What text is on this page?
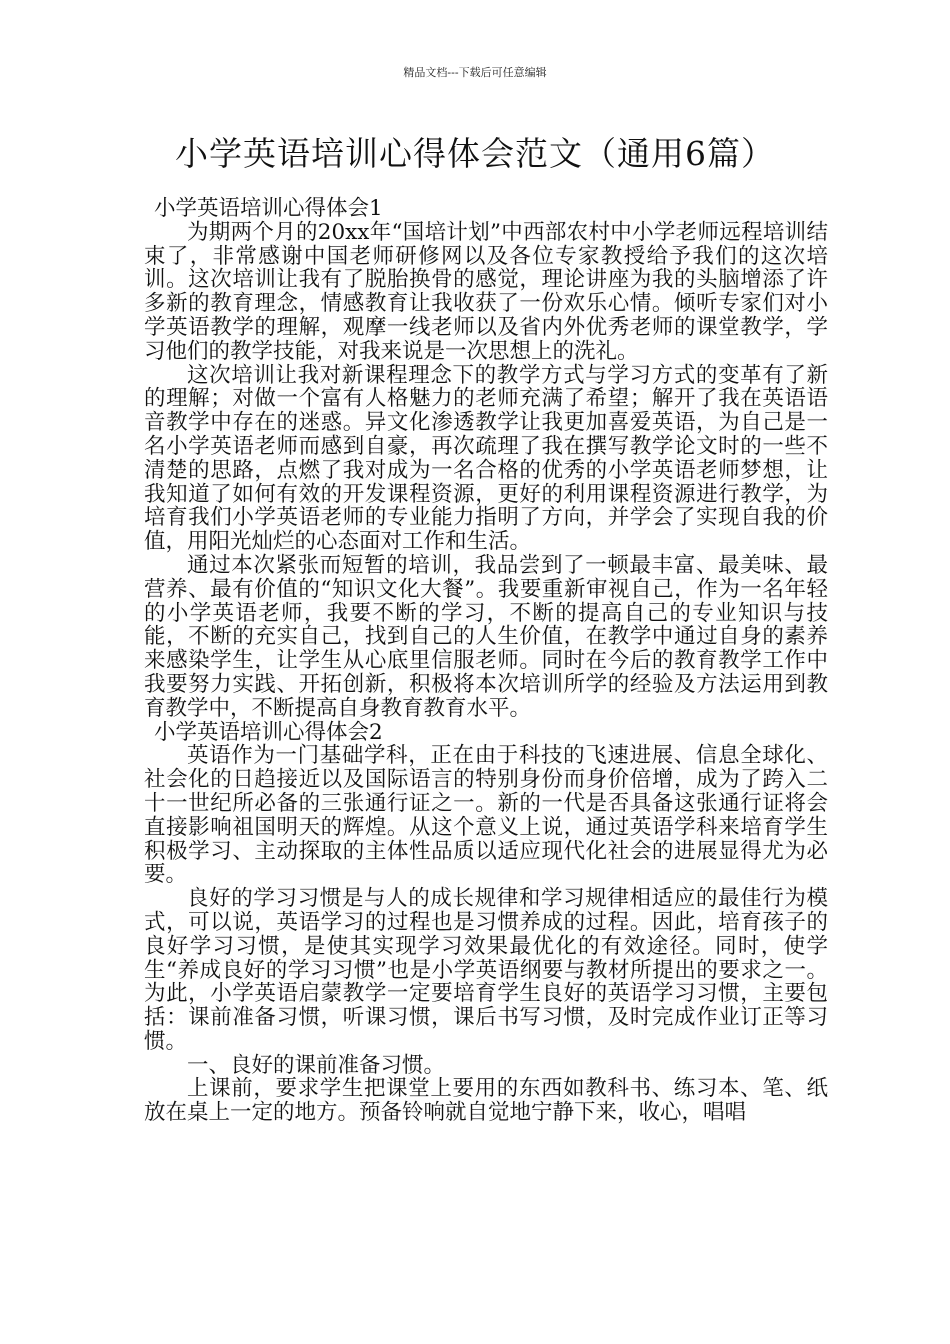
精品文档---下载后可任意编辑
小学英语培训心得体会范文（通用6篇）
小学英语培训心得体会1

为期两个月的20xx年“国培计划”中西部农村中小学老师远程培训结束了，非常感谢中国老师研修网以及各位专家教授给予我们的这次培训。这次培训让我有了脱胎换骨的感觉，理论讲座为我的头脑增添了许多新的教育理念，情感教育让我收获了一份欢乐心情。倾听专家们对小学英语教学的理解，观摩一线老师以及省内外优秀老师的课堂教学，学习他们的教学技能，对我来说是一次思想上的洗礼。

这次培训让我对新课程理念下的教学方式与学习方式的变革有了新的理解；对做一个富有人格魅力的老师充满了希望；解开了我在英语语音教学中存在的迷惑。异文化渗透教学让我更加喜爱英语，为自己是一名小学英语老师而感到自豪，再次疏理了我在撰写教学论文时的一些不清楚的思路，点燃了我对成为一名合格的优秀的小学英语老师梦想，让我知道了如何有效的开发课程资源，更好的利用课程资源进行教学，为培育我们小学英语老师的专业能力指明了方向，并学会了实现自我的价值，用阳光灿烂的心态面对工作和生活。

通过本次紧张而短暂的培训，我品尝到了一顿最丰富、最美味、最营养、最有价值的“知识文化大餐”。我要重新审视自己，作为一名年轻的小学英语老师，我要不断的学习，不断的提高自己的专业知识与技能，不断的充实自己，找到自己的人生价值，在教学中通过自身的素养来感染学生，让学生从心底里信服老师。同时在今后的教育教学工作中我要努力实践、开拓创新，积极将本次培训所学的经验及方法运用到教育教学中，不断提高自身教育教育水平。

小学英语培训心得体会2

英语作为一门基础学科，正在由于科技的飞速进展、信息全球化、社会化的日趋接近以及国际语言的特别身份而身价倍增，成为了跨入二十一世纪所必备的三张通行证之一。新的一代是否具备这张通行证将会直接影响祖国明天的辉煌。从这个意义上说，通过英语学科来培育学生积极学习、主动探取的主体性品质以适应现代化社会的进展显得尤为必要。

良好的学习习惯是与人的成长规律和学习规律相适应的最佳行为模式，可以说，英语学习的过程也是习惯养成的过程。因此，培育孩子的良好学习习惯，是使其实现学习效果最优化的有效途径。同时，使学生“养成良好的学习习惯”也是小学英语纲要与教材所提出的要求之一。为此，小学英语启蒙教学一定要培育学生良好的英语学习习惯，主要包括：课前准备习惯，听课习惯，课后书写习惯，及时完成作业订正等习惯。

一、良好的课前准备习惯。

上课前，要求学生把课堂上要用的东西如教科书、练习本、笔、纸放在桌上一定的地方。预备铃响就自觉地宁静下来，收心，唱唱
